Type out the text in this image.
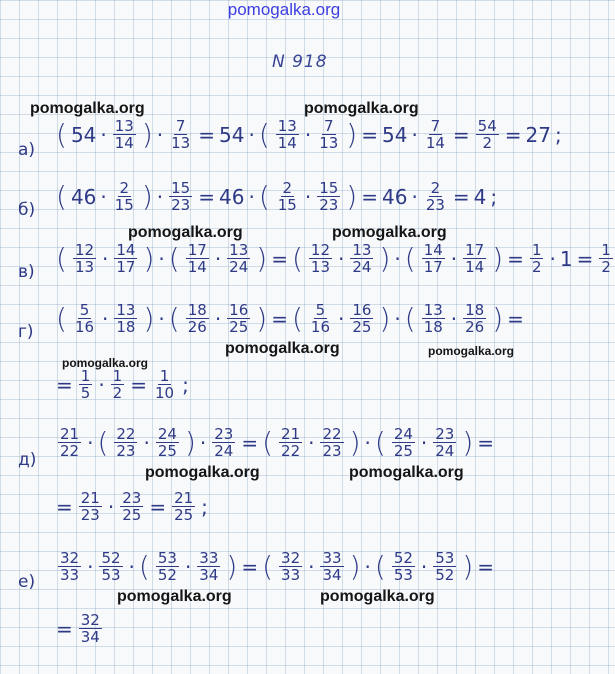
pomogalka.org
N 918
pomogalka.org	pomogalka.org
pomogalka.org	pomogalka.org
pomogalka.org
pomogalka.org
pomogalka.org
pomogalka.org	pomogalka.org
pomogalka.org	pomogalka.org
а) ( 54 · 13
14 ) · $\frac{7}{13} = 54$ · ( 13
14 · 7
13 ) = $54 \cdot \frac{7}{14} = \frac{54}{2} = 27$ ;
б) ( 46 · 2
15 ) · $\frac{15}{23} = 46$ · ( 2
15 · 15
23 ) = $46 \cdot \frac{2}{23} = 4$ ;
в) ( 12
13 · 14
17 ) · ( 17
14 · 13
24 ) = ( 12
13 · 13
24 ) · ( 14
17 · 17
14 ) = $\frac{1}{2} \cdot 1 = \frac{1}{2}$
г) ( 5
16 · 13
18 ) · ( 18
26 · 16
25 ) = ( 5
16 · 16
25 ) · ( 13
18 · 18
26 ) =
= $\frac{1}{5} \cdot \frac{1}{2} = \frac{1}{10}$ ;
д)
21
22 · ( 22
23 · 24
25 ) · $\frac{23}{24}$ = ( 21
22 · 22
23 ) · ( 24
25 · 23
24 ) =
= $\frac{21}{23} \cdot \frac{23}{25} = \frac{21}{25}$ ;
е)
32
33 · 52
53 · ( 53
52 · 33
34 ) = ( 32
33 · 33
34 ) · ( 52
53 · 53
52 ) =
= $\frac{32}{34}$
